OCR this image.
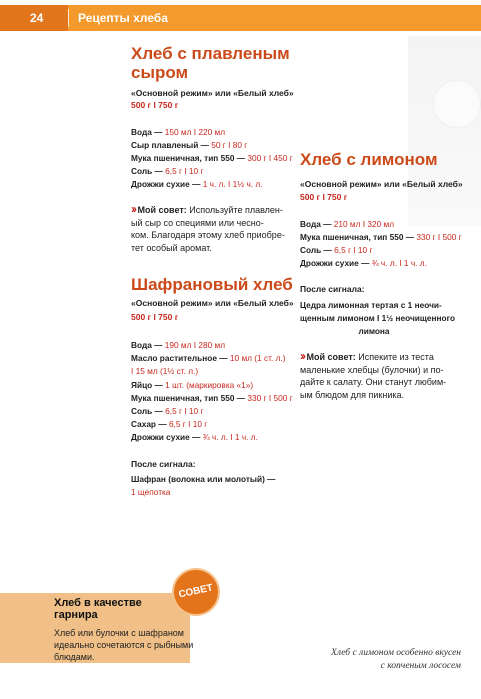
24	Рецепты хлеба
Хлеб с плавленым
сыром
«Основной режим» или «Белый хлеб»
500 г I 750 г
Вода — 150 мл I 220 мл
Сыр плавленый — 50 г I 80 г
Мука пшеничная, тип 550 — 300 г I 450 г
Соль — 6,5 г I 10 г
Дрожжи сухие — 1 ч. л. I 1½ ч. л.
›› Мой совет: Используйте плавлен-
ый сыр со специями или чесно-
ком. Благодаря этому хлеб приобре-
тет особый аромат.
Шафрановый хлеб
«Основной режим» или «Белый хлеб»
500 г I 750 г
Вода — 190 мл I 280 мл
Масло растительное — 10 мл (1 ст. л.)
I 15 мл (1½ ст. л.)
Яйцо — 1 шт. (маркировка «1»)
Мука пшеничная, тип 550 — 330 г I 500 г
Соль — 6,5 г I 10 г
Сахар — 6,5 г I 10 г
Дрожжи сухие — ¾ ч. л. I 1 ч. л.
После сигнала:
Шафран (волокна или молотый) —
1 щепотка
Хлеб с лимоном
«Основной режим» или «Белый хлеб»
500 г I 750 г
Вода — 210 мл I 320 мл
Мука пшеничная, тип 550 — 330 г I 500 г
Соль — 6,5 г I 10 г
Дрожжи сухие — ¾ ч. л. I 1 ч. л.
После сигнала:
Цедра лимонная тертая с 1 неочи-
щенным лимоном I 1½ неочищенного
лимона
›› Мой совет: Испеките из теста
маленькие хлебцы (булочки) и по-
дайте к салату. Они станут любим-
ым блюдом для пикника.
СОВЕТ
Хлеб в качестве
гарнира
Хлеб или булочки с шафраном идеально сочетаются с рыбными блюдами.	Хлеб с лимоном особенно вкусен
с копченым лососем
